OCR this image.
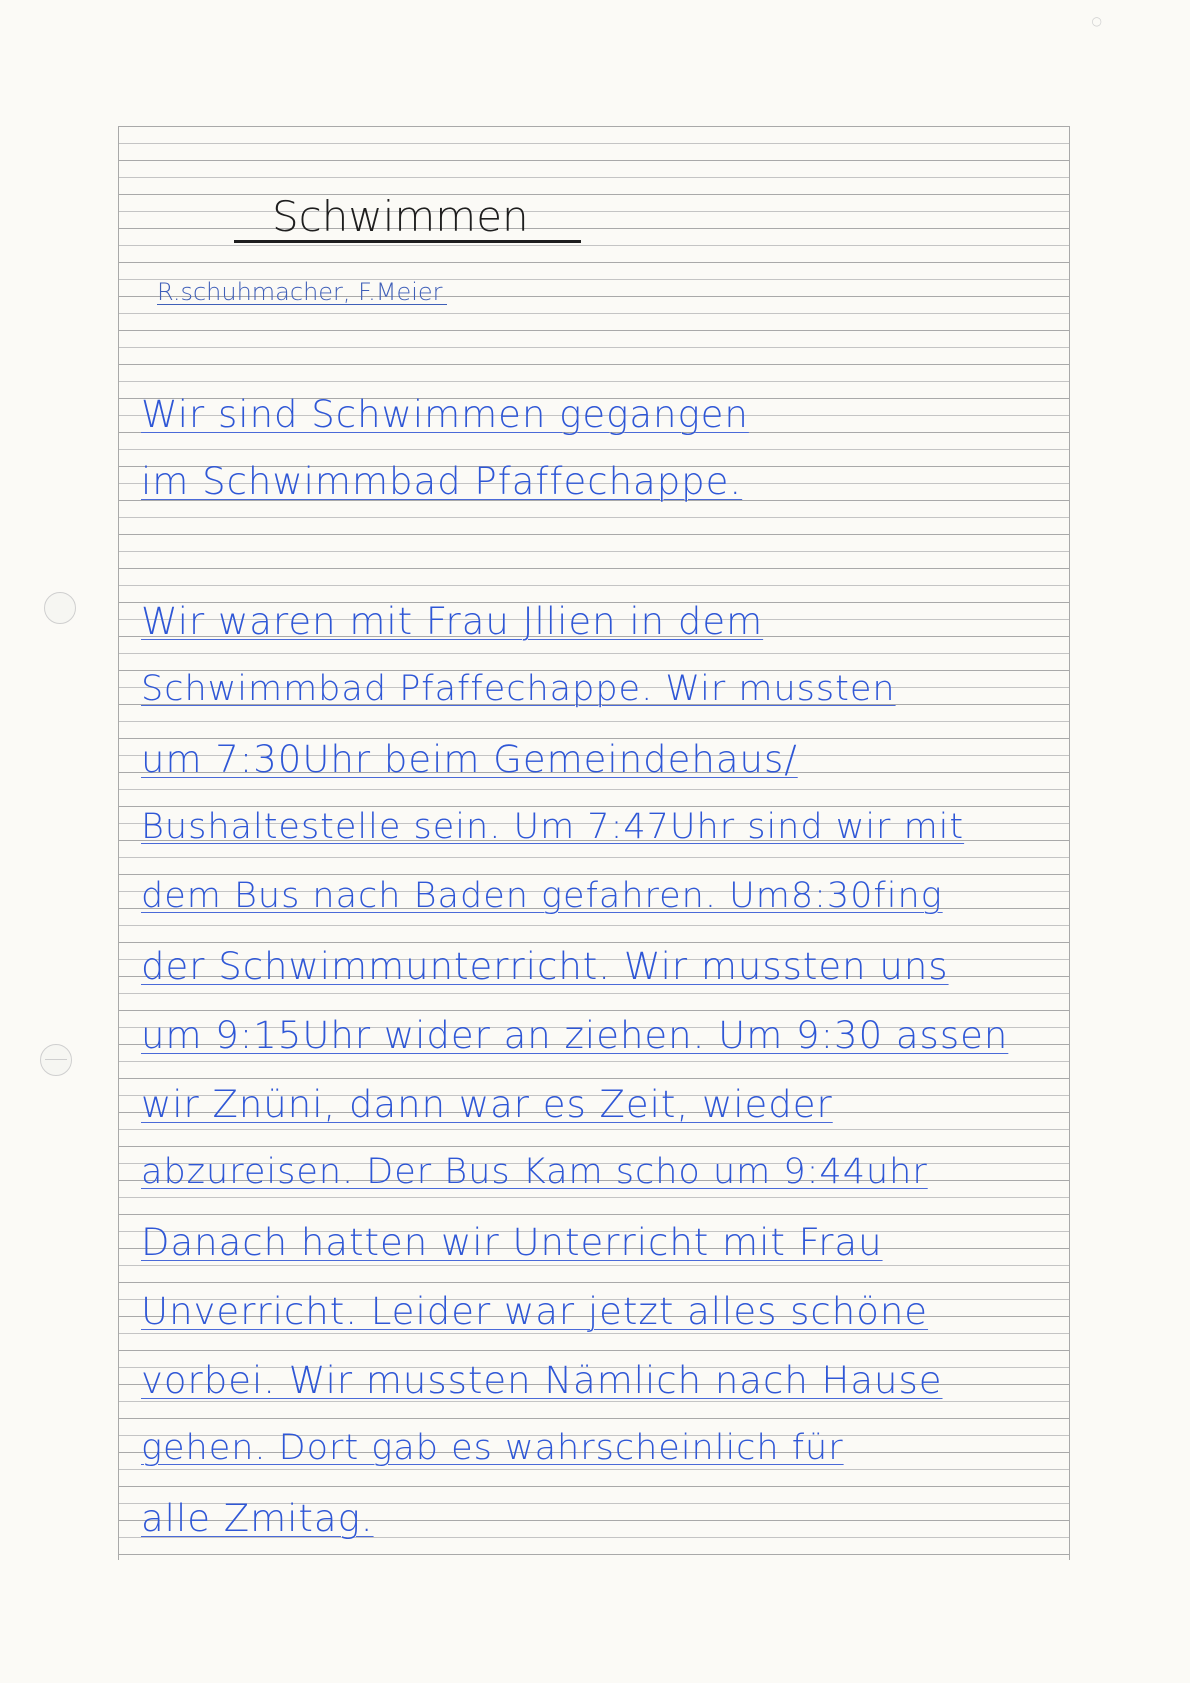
○

Schwimmen

R.schuhmacher, F.Meier

Wir sind Schwimmen gegangen

im Schwimmbad Pfaffechappe.

Wir waren mit Frau Jllien in dem

Schwimmbad Pfaffechappe. Wir mussten

um 7:30Uhr beim Gemeindehaus/

Bushaltestelle sein. Um 7:47Uhr sind wir mit

dem Bus nach Baden gefahren. Um8:30fing

der Schwimmunterricht. Wir mussten uns

um 9:15Uhr wider an ziehen. Um 9:30 assen

wir Znüni, dann war es Zeit, wieder

abzureisen. Der Bus Kam scho um 9:44uhr

Danach hatten wir Unterricht mit Frau

Unverricht. Leider war jetzt alles schöne

vorbei. Wir mussten Nämlich nach Hause

gehen. Dort gab es wahrscheinlich für

alle Zmitag.
